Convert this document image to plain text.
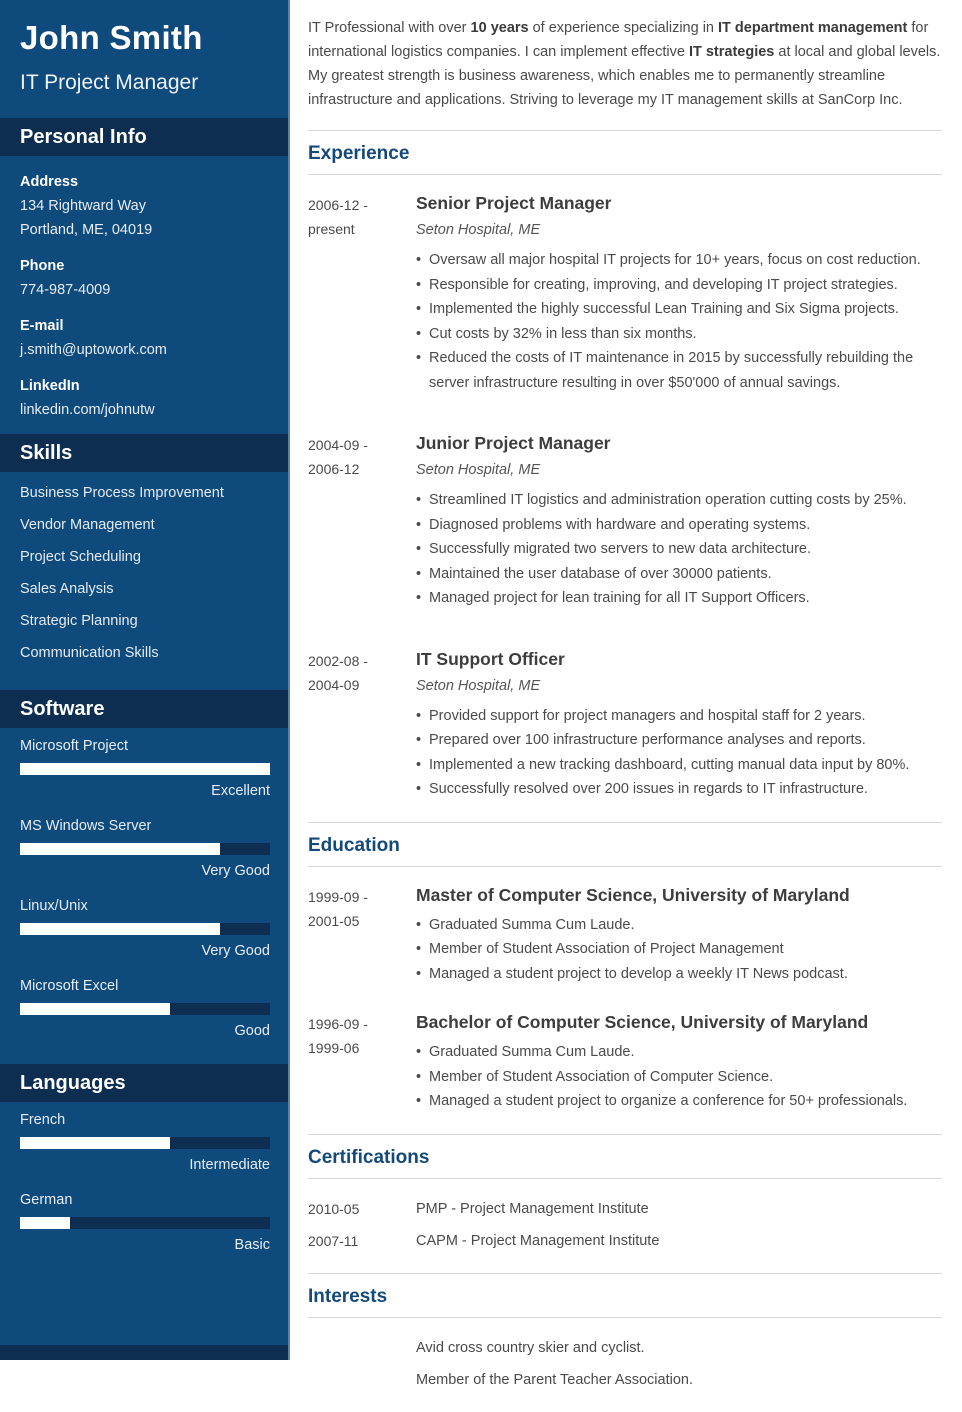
John Smith
IT Project Manager
Personal Info
Address
134 Rightward Way
Portland, ME, 04019
Phone
774-987-4009
E-mail
j.smith@uptowork.com
LinkedIn
linkedin.com/johnutw
Skills
Business Process Improvement
Vendor Management
Project Scheduling
Sales Analysis
Strategic Planning
Communication Skills
Software
Microsoft Project
Excellent
MS Windows Server
Very Good
Linux/Unix
Very Good
Microsoft Excel
Good
Languages
French
Intermediate
German
Basic

IT Professional with over 10 years of experience specializing in IT department management for international logistics companies. I can implement effective IT strategies at local and global levels. My greatest strength is business awareness, which enables me to permanently streamline infrastructure and applications. Striving to leverage my IT management skills at SanCorp Inc.

Experience
2006-12 -
present
Senior Project Manager
Seton Hospital, ME
• Oversaw all major hospital IT projects for 10+ years, focus on cost reduction.
• Responsible for creating, improving, and developing IT project strategies.
• Implemented the highly successful Lean Training and Six Sigma projects.
• Cut costs by 32% in less than six months.
• Reduced the costs of IT maintenance in 2015 by successfully rebuilding the server infrastructure resulting in over $50'000 of annual savings.
2004-09 -
2006-12
Junior Project Manager
Seton Hospital, ME
• Streamlined IT logistics and administration operation cutting costs by 25%.
• Diagnosed problems with hardware and operating systems.
• Successfully migrated two servers to new data architecture.
• Maintained the user database of over 30000 patients.
• Managed project for lean training for all IT Support Officers.
2002-08 -
2004-09
IT Support Officer
Seton Hospital, ME
• Provided support for project managers and hospital staff for 2 years.
• Prepared over 100 infrastructure performance analyses and reports.
• Implemented a new tracking dashboard, cutting manual data input by 80%.
• Successfully resolved over 200 issues in regards to IT infrastructure.
Education
1999-09 -
2001-05
Master of Computer Science, University of Maryland
• Graduated Summa Cum Laude.
• Member of Student Association of Project Management
• Managed a student project to develop a weekly IT News podcast.
1996-09 -
1999-06
Bachelor of Computer Science, University of Maryland
• Graduated Summa Cum Laude.
• Member of Student Association of Computer Science.
• Managed a student project to organize a conference for 50+ professionals.
Certifications
2010-05	PMP - Project Management Institute
2007-11	CAPM - Project Management Institute
Interests
Avid cross country skier and cyclist.
Member of the Parent Teacher Association.
